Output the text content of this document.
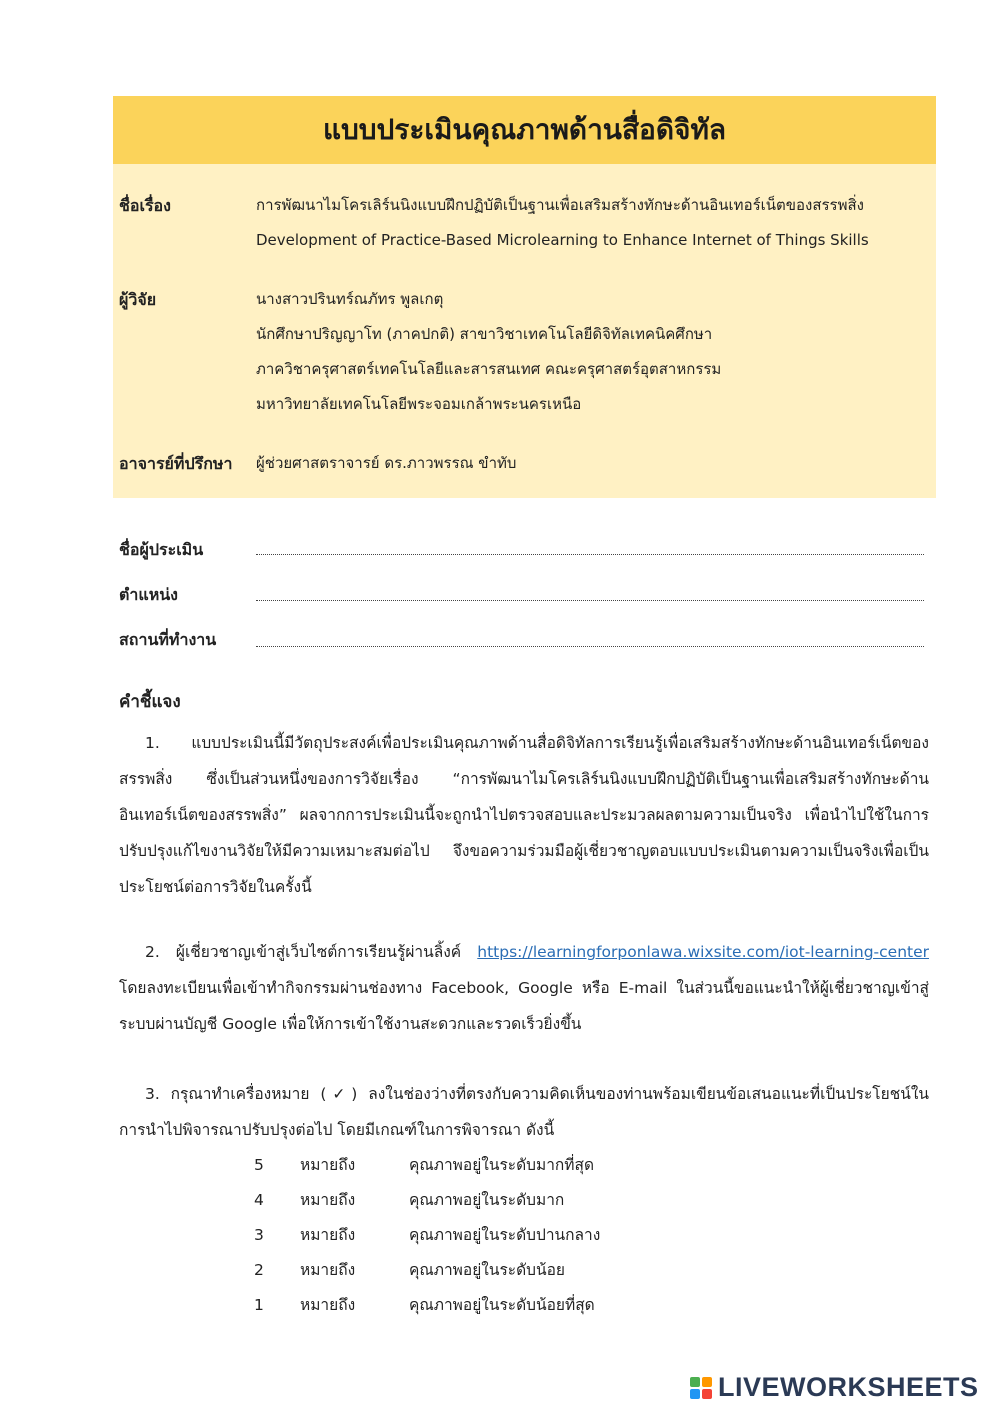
แบบประเมินคุณภาพด้านสื่อดิจิทัล
ชื่อเรื่อง	การพัฒนาไมโครเลิร์นนิงแบบฝึกปฏิบัติเป็นฐานเพื่อเสริมสร้างทักษะด้านอินเทอร์เน็ตของสรรพสิ่ง
Development of Practice-Based Microlearning to Enhance Internet of Things Skills
ผู้วิจัย	นางสาวปรินทร์ณภัทร พูลเกตุ
นักศึกษาปริญญาโท (ภาคปกติ) สาขาวิชาเทคโนโลยีดิจิทัลเทคนิคศึกษา
ภาควิชาครุศาสตร์เทคโนโลยีและสารสนเทศ คณะครุศาสตร์อุตสาหกรรม
มหาวิทยาลัยเทคโนโลยีพระจอมเกล้าพระนครเหนือ
อาจารย์ที่ปรึกษา ผู้ช่วยศาสตราจารย์ ดร.ภาวพรรณ ขำทับ
ชื่อผู้ประเมิน
ตำแหน่ง
สถานที่ทำงาน
คำชี้แจง

1. แบบประเมินนี้มีวัตถุประสงค์เพื่อประเมินคุณภาพด้านสื่อดิจิทัลการเรียนรู้เพื่อเสริมสร้างทักษะด้านอินเทอร์เน็ตของสรรพสิ่ง ซึ่งเป็นส่วนหนึ่งของการวิจัยเรื่อง “การพัฒนาไมโครเลิร์นนิงแบบฝึกปฏิบัติเป็นฐานเพื่อเสริมสร้างทักษะด้านอินเทอร์เน็ตของสรรพสิ่ง” ผลจากการประเมินนี้จะถูกนำไปตรวจสอบและประมวลผลตามความเป็นจริง เพื่อนำไปใช้ในการปรับปรุงแก้ไขงานวิจัยให้มีความเหมาะสมต่อไป จึงขอความร่วมมือผู้เชี่ยวชาญตอบแบบประเมินตามความเป็นจริงเพื่อเป็นประโยชน์ต่อการวิจัยในครั้งนี้

2. ผู้เชี่ยวชาญเข้าสู่เว็บไซต์การเรียนรู้ผ่านลิ้งค์ https://learningforponlawa.wixsite.com/iot-learning-center โดยลงทะเบียนเพื่อเข้าทำกิจกรรมผ่านช่องทาง Facebook, Google หรือ E-mail ในส่วนนี้ขอแนะนำให้ผู้เชี่ยวชาญเข้าสู่ระบบผ่านบัญชี Google เพื่อให้การเข้าใช้งานสะดวกและรวดเร็วยิ่งขึ้น

3. กรุณาทำเครื่องหมาย (✓) ลงในช่องว่างที่ตรงกับความคิดเห็นของท่านพร้อมเขียนข้อเสนอแนะที่เป็นประโยชน์ในการนำไปพิจารณาปรับปรุงต่อไป โดยมีเกณฑ์ในการพิจารณา ดังนี้

5	หมายถึง	คุณภาพอยู่ในระดับมากที่สุด
4	หมายถึง	คุณภาพอยู่ในระดับมาก
3	หมายถึง	คุณภาพอยู่ในระดับปานกลาง
2	หมายถึง	คุณภาพอยู่ในระดับน้อย
1	หมายถึง	คุณภาพอยู่ในระดับน้อยที่สุด
LIVEWORKSHEETS
